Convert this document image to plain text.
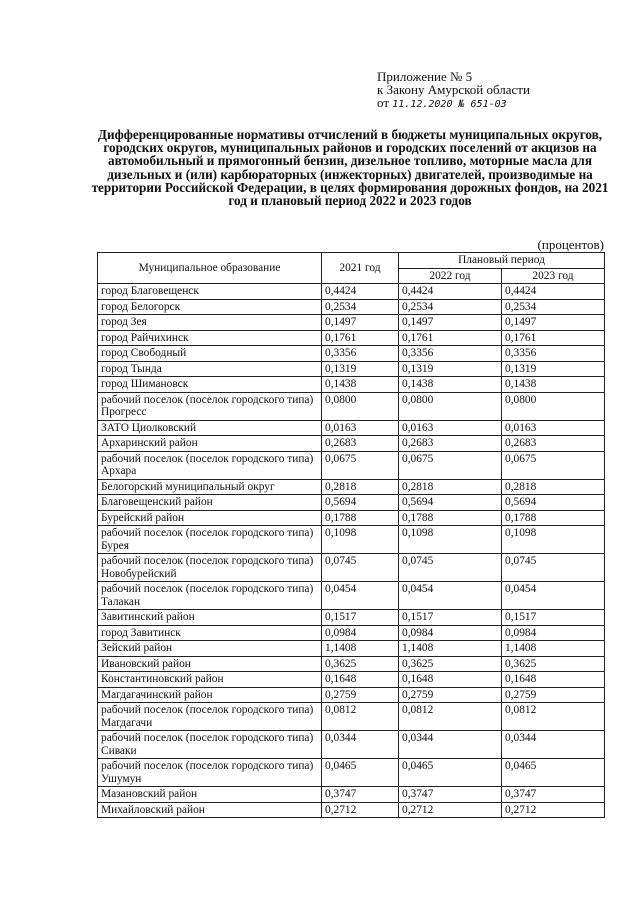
Приложение № 5
к Закону Амурской области
от 11.12.2020 № 651-03
Дифференцированные нормативы отчислений в бюджеты муниципальных округов, городских округов, муниципальных районов и городских поселений от акцизов на автомобильный и прямогонный бензин, дизельное топливо, моторные масла для дизельных и (или) карбюраторных (инжекторных) двигателей, производимые на территории Российской Федерации, в целях формирования дорожных фондов, на 2021 год и плановый период 2022 и 2023 годов
(процентов)
Муниципальное образование	2021 год	Плановый период	
		2022 год	2023 год
город Благовещенск	0,4424	0,4424	0,4424
город Белогорск	0,2534	0,2534	0,2534
город Зея	0,1497	0,1497	0,1497
город Райчихинск	0,1761	0,1761	0,1761
город Свободный	0,3356	0,3356	0,3356
город Тында	0,1319	0,1319	0,1319
город Шимановск	0,1438	0,1438	0,1438
рабочий поселок (поселок городского типа) Прогресс	0,0800	0,0800	0,0800
ЗАТО Циолковский	0,0163	0,0163	0,0163
Архаринский район	0,2683	0,2683	0,2683
рабочий поселок (поселок городского типа) Архара	0,0675	0,0675	0,0675
Белогорский муниципальный округ	0,2818	0,2818	0,2818
Благовещенский район	0,5694	0,5694	0,5694
Бурейский район	0,1788	0,1788	0,1788
рабочий поселок (поселок городского типа) Бурея	0,1098	0,1098	0,1098
рабочий поселок (поселок городского типа) Новобурейский	0,0745	0,0745	0,0745
рабочий поселок (поселок городского типа) Талакан	0,0454	0,0454	0,0454
Завитинский район	0,1517	0,1517	0,1517
город Завитинск	0,0984	0,0984	0,0984
Зейский район	1,1408	1,1408	1,1408
Ивановский район	0,3625	0,3625	0,3625
Константиновский район	0,1648	0,1648	0,1648
Магдагачинский район	0,2759	0,2759	0,2759
рабочий поселок (поселок городского типа) Магдагачи	0,0812	0,0812	0,0812
рабочий поселок (поселок городского типа) Сиваки	0,0344	0,0344	0,0344
рабочий поселок (поселок городского типа) Ушумун	0,0465	0,0465	0,0465
Мазановский район	0,3747	0,3747	0,3747
Михайловский район	0,2712	0,2712	0,2712
